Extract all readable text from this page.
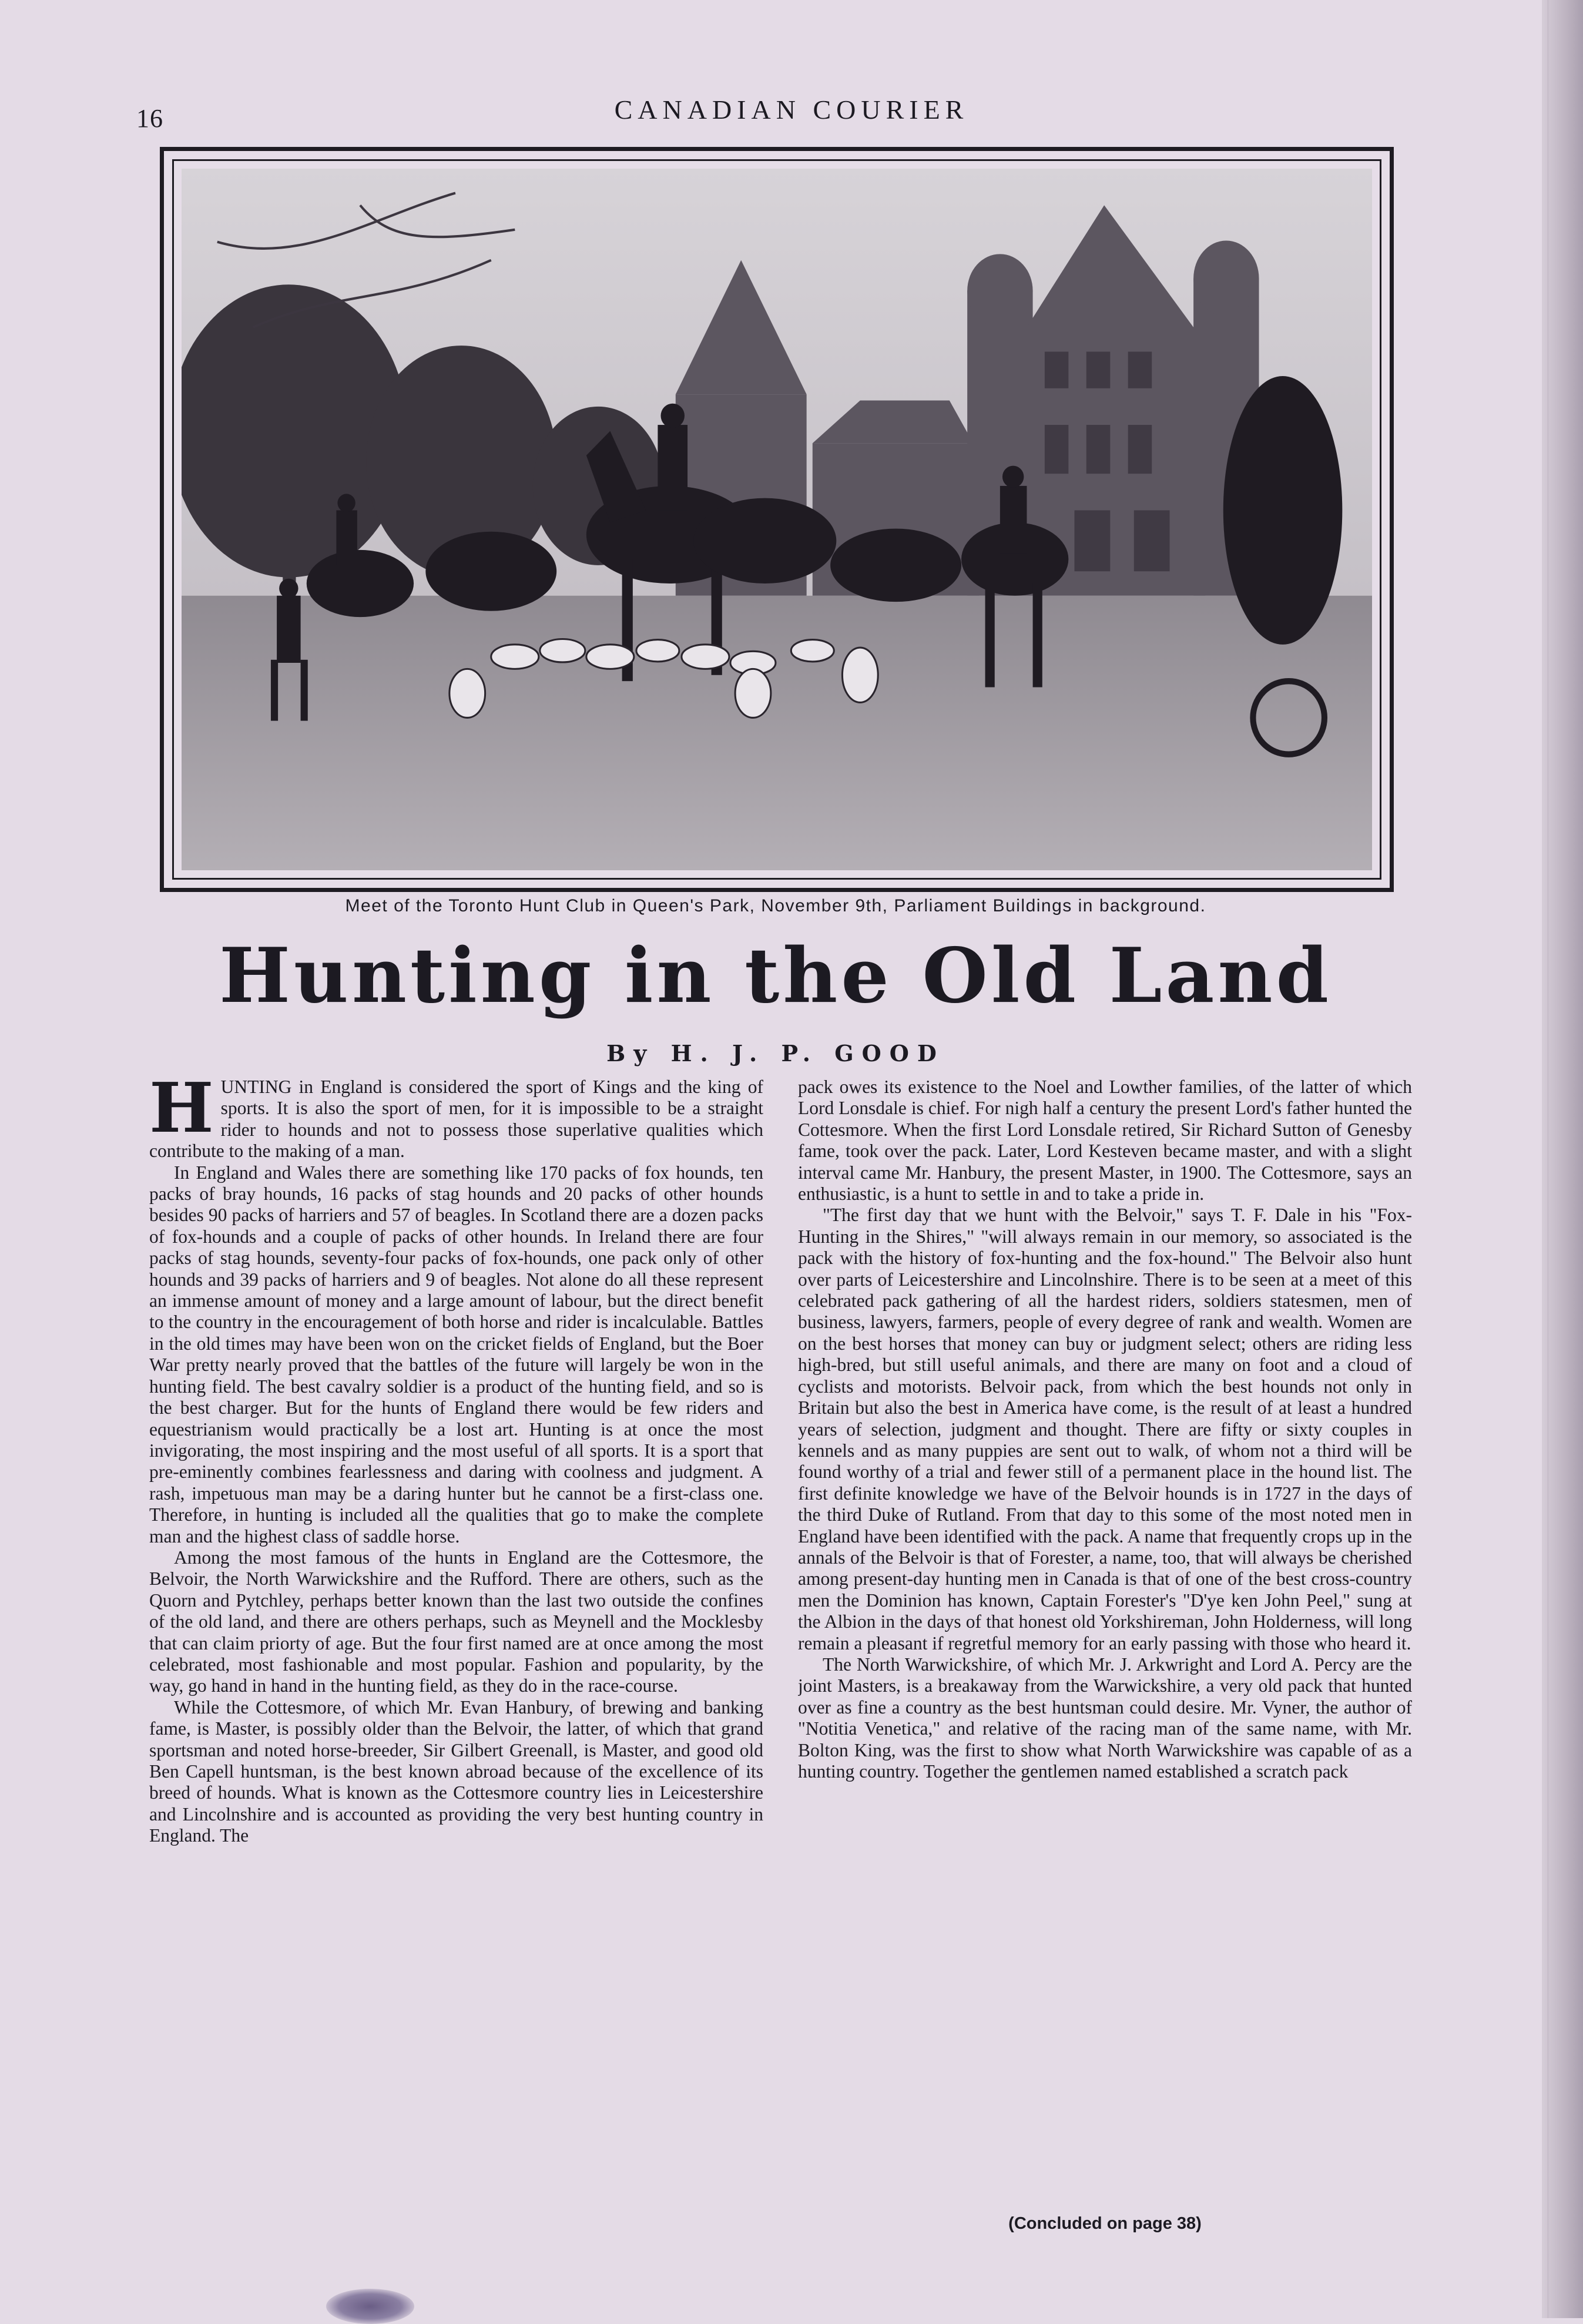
16	CANADIAN COURIER
Meet of the Toronto Hunt Club in Queen's Park, November 9th, Parliament Buildings in background.
Hunting in the Old Land
By H. J. P. GOOD

HUNTING in England is considered the sport of Kings and the king of sports. It is also the sport of men, for it is impossible to be a straight rider to hounds and not to possess those superlative qualities which contribute to the making of a man.

In England and Wales there are something like 170 packs of fox hounds, ten packs of bray hounds, 16 packs of stag hounds and 20 packs of other hounds besides 90 packs of harriers and 57 of beagles. In Scotland there are a dozen packs of fox-hounds and a couple of packs of other hounds. In Ireland there are four packs of stag hounds, seventy-four packs of fox-hounds, one pack only of other hounds and 39 packs of harriers and 9 of beagles. Not alone do all these represent an immense amount of money and a large amount of labour, but the direct benefit to the country in the encouragement of both horse and rider is incalculable. Battles in the old times may have been won on the cricket fields of England, but the Boer War pretty nearly proved that the battles of the future will largely be won in the hunting field. The best cavalry soldier is a product of the hunting field, and so is the best charger. But for the hunts of England there would be few riders and equestrianism would practically be a lost art. Hunting is at once the most invigorating, the most inspiring and the most useful of all sports. It is a sport that pre-eminently combines fearlessness and daring with coolness and judgment. A rash, impetuous man may be a daring hunter but he cannot be a first-class one. Therefore, in hunting is included all the qualities that go to make the complete man and the highest class of saddle horse.

Among the most famous of the hunts in England are the Cottesmore, the Belvoir, the North Warwickshire and the Rufford. There are others, such as the Quorn and Pytchley, perhaps better known than the last two outside the confines of the old land, and there are others perhaps, such as Meynell and the Mocklesby that can claim priorty of age. But the four first named are at once among the most celebrated, most fashionable and most popular. Fashion and popularity, by the way, go hand in hand in the hunting field, as they do in the race-course.

While the Cottesmore, of which Mr. Evan Hanbury, of brewing and banking fame, is Master, is possibly older than the Belvoir, the latter, of which that grand sportsman and noted horse-breeder, Sir Gilbert Greenall, is Master, and good old Ben Capell huntsman, is the best known abroad because of the excellence of its breed of hounds. What is known as the Cottesmore country lies in Leicestershire and Lincolnshire and is accounted as providing the very best hunting country in England. The

pack owes its existence to the Noel and Lowther families, of the latter of which Lord Lonsdale is chief. For nigh half a century the present Lord's father hunted the Cottesmore. When the first Lord Lonsdale retired, Sir Richard Sutton of Genesby fame, took over the pack. Later, Lord Kesteven became master, and with a slight interval came Mr. Hanbury, the present Master, in 1900. The Cottesmore, says an enthusiastic, is a hunt to settle in and to take a pride in.

"The first day that we hunt with the Belvoir," says T. F. Dale in his "Fox-Hunting in the Shires," "will always remain in our memory, so associated is the pack with the history of fox-hunting and the fox-hound." The Belvoir also hunt over parts of Leicestershire and Lincolnshire. There is to be seen at a meet of this celebrated pack gathering of all the hardest riders, soldiers statesmen, men of business, lawyers, farmers, people of every degree of rank and wealth. Women are on the best horses that money can buy or judgment select; others are riding less high-bred, but still useful animals, and there are many on foot and a cloud of cyclists and motorists. Belvoir pack, from which the best hounds not only in Britain but also the best in America have come, is the result of at least a hundred years of selection, judgment and thought. There are fifty or sixty couples in kennels and as many puppies are sent out to walk, of whom not a third will be found worthy of a trial and fewer still of a permanent place in the hound list. The first definite knowledge we have of the Belvoir hounds is in 1727 in the days of the third Duke of Rutland. From that day to this some of the most noted men in England have been identified with the pack. A name that frequently crops up in the annals of the Belvoir is that of Forester, a name, too, that will always be cherished among present-day hunting men in Canada is that of one of the best cross-country men the Dominion has known, Captain Forester's "D'ye ken John Peel," sung at the Albion in the days of that honest old Yorkshireman, John Holderness, will long remain a pleasant if regretful memory for an early passing with those who heard it.

The North Warwickshire, of which Mr. J. Arkwright and Lord A. Percy are the joint Masters, is a breakaway from the Warwickshire, a very old pack that hunted over as fine a country as the best huntsman could desire. Mr. Vyner, the author of "Notitia Venetica," and relative of the racing man of the same name, with Mr. Bolton King, was the first to show what North Warwickshire was capable of as a hunting country. Together the gentlemen named established a scratch pack

(Concluded on page 38)
